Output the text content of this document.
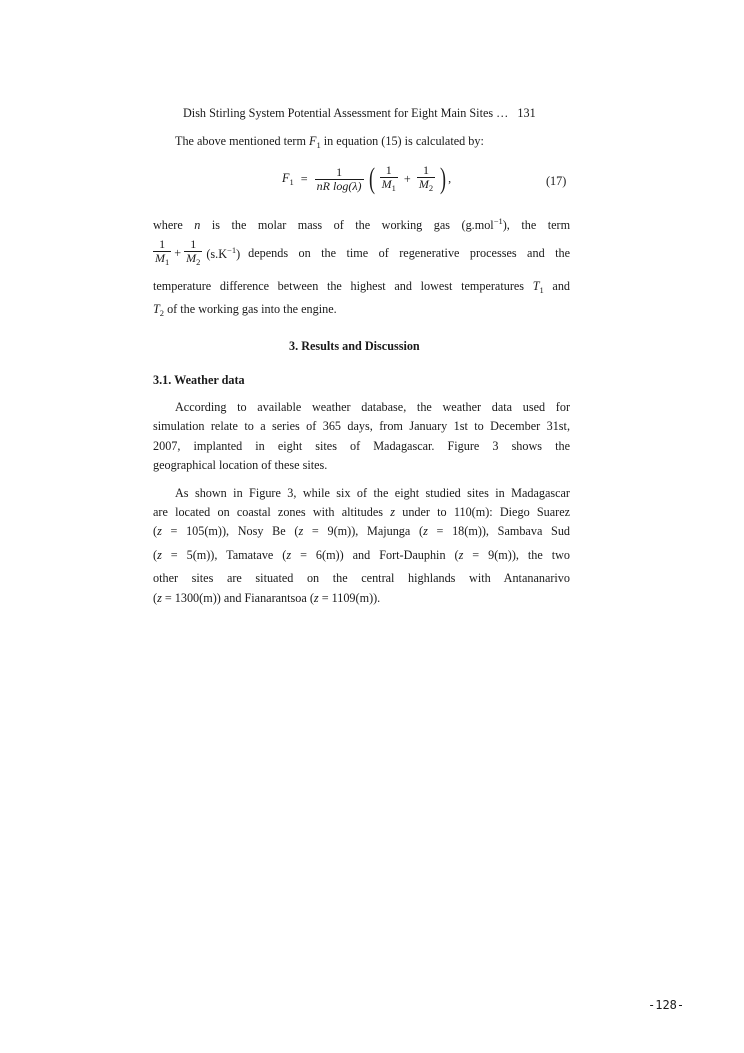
Dish Stirling System Potential Assessment for Eight Main Sites … 131
The above mentioned term $F_1$ in equation (15) is calculated by:
$F_1 = \frac{1}{\text{nR log(λ)}}$ ( $\frac{1}{M_1} + \frac{1}{M_2}$ ) ,	(17)
where n is the molar mass of the working gas (g.mol$^{-1}$), the term
$\frac{1}{M_1} + \frac{1}{M_2} (s.K^{-1})$ depends on the time of regenerative processes and the
temperature difference between the highest and lowest temperatures $T_1$ and
$T_2$ of the working gas into the engine.
3. Results and Discussion
3.1. Weather data
According to available weather database, the weather data used for
simulation relate to a series of 365 days, from January 1st to December 31st,
2007, implanted in eight sites of Madagascar. Figure 3 shows the
geographical location of these sites.
As shown in Figure 3, while six of the eight studied sites in Madagascar
are located on coastal zones with altitudes z under to 110(m): Diego Suarez
(z = 105(m)), Nosy Be (z = 9(m)), Majunga (z = 18(m)), Sambava Sud
(z = 5(m)), Tamatave (z = 6(m)) and Fort-Dauphin (z = 9(m)), the two
other sites are situated on the central highlands with Antananarivo
(z = 1300(m)) and Fianarantsoa (z = 1109(m)).
-128-
